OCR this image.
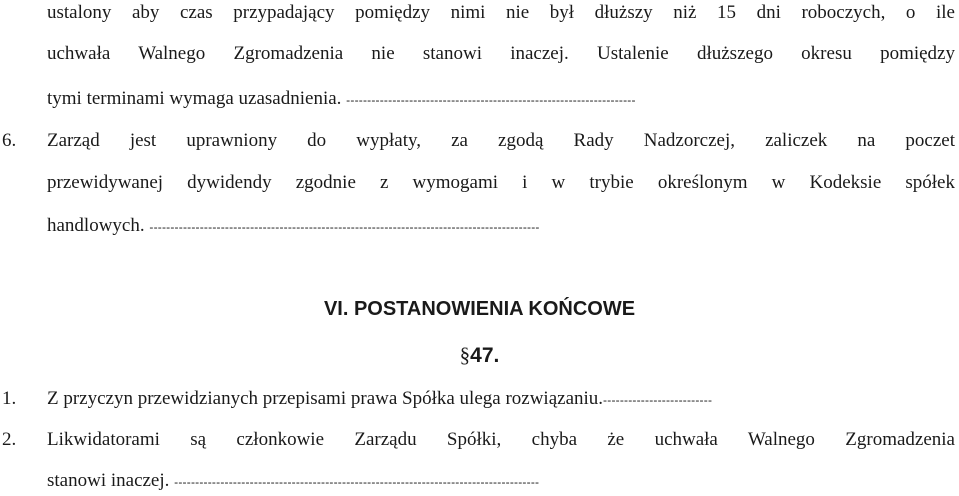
ustalony aby czas przypadający pomiędzy nimi nie był dłuższy niż 15 dni roboczych, o ile
uchwała Walnego Zgromadzenia nie stanowi inaczej. Ustalenie dłuższego okresu pomiędzy
tymi terminami wymaga uzasadnienia. ---------------------------------------------------------------------
6. Zarząd jest uprawniony do wypłaty, za zgodą Rady Nadzorczej, zaliczek na poczet
przewidywanej dywidendy zgodnie z wymogami i w trybie określonym w Kodeksie spółek
handlowych. ---------------------------------------------------------------------------------------------
VI. POSTANOWIENIA KOŃCOWE
§47.
1. Z przyczyn przewidzianych przepisami prawa Spółka ulega rozwiązaniu.--------------------------
2. Likwidatorami są członkowie Zarządu Spółki, chyba że uchwała Walnego Zgromadzenia
stanowi inaczej. ---------------------------------------------------------------------------------------
